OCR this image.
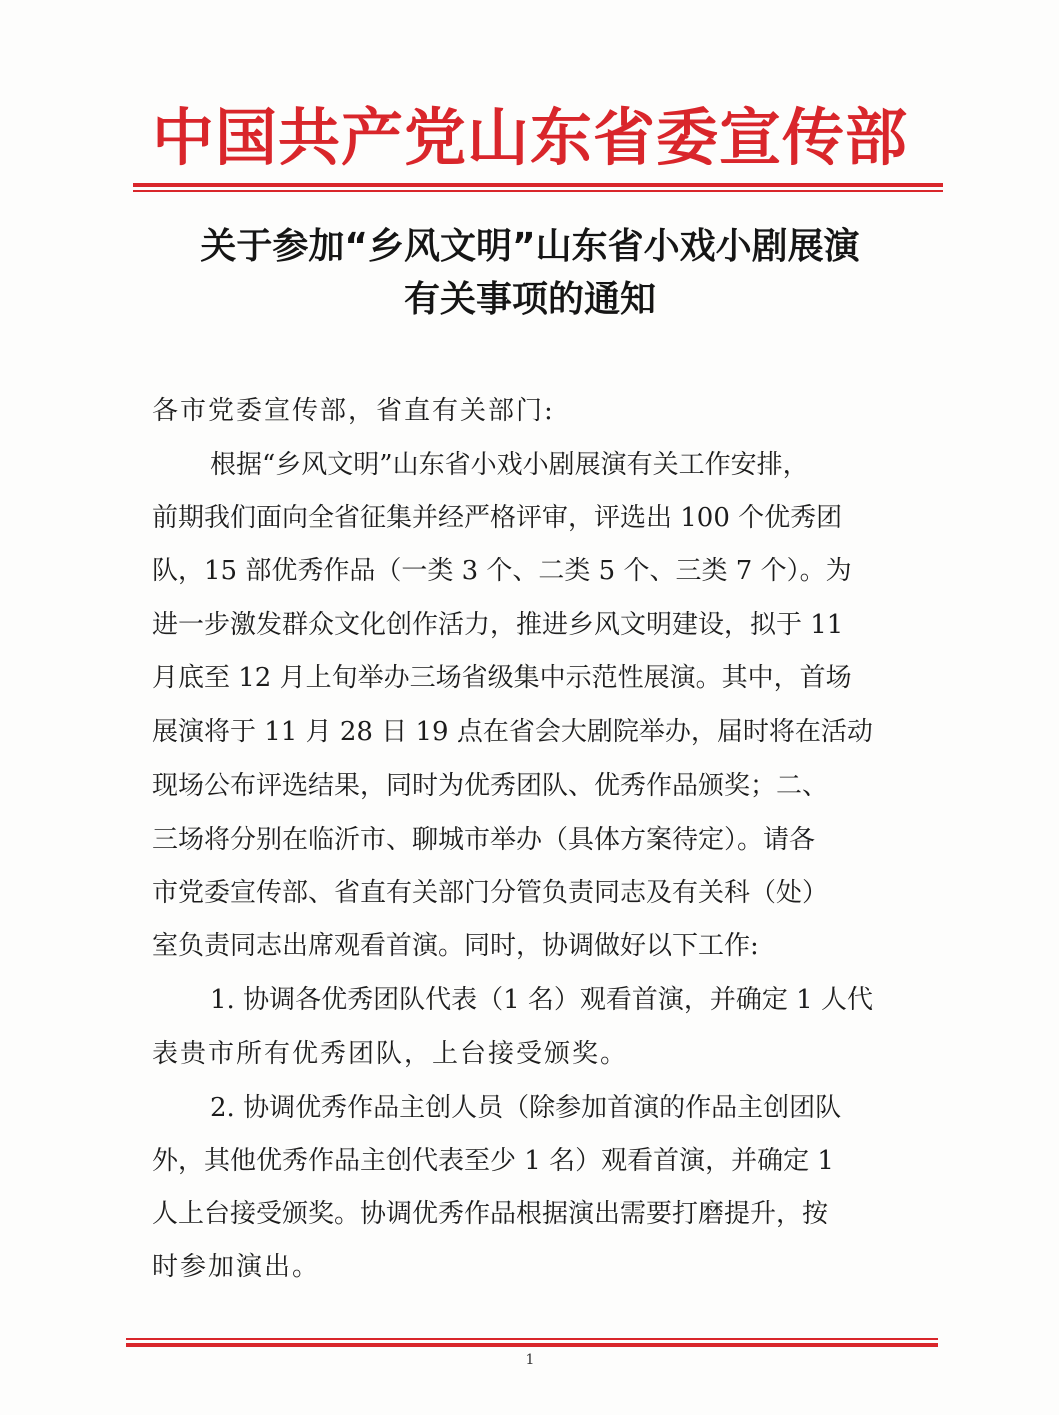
中国共产党山东省委宣传部
关于参加“乡风文明”山东省小戏小剧展演
有关事项的通知
各市党委宣传部，省直有关部门:
根据“乡风文明”山东省小戏小剧展演有关工作安排，
前期我们面向全省征集并经严格评审，评选出 100 个优秀团
队，15 部优秀作品（一类 3 个、二类 5 个、三类 7 个）。为
进一步激发群众文化创作活力，推进乡风文明建设，拟于 11
月底至 12 月上旬举办三场省级集中示范性展演。其中，首场
展演将于 11 月 28 日 19 点在省会大剧院举办，届时将在活动
现场公布评选结果，同时为优秀团队、优秀作品颁奖；二、
三场将分别在临沂市、聊城市举办（具体方案待定）。请各
市党委宣传部、省直有关部门分管负责同志及有关科（处）
室负责同志出席观看首演。同时，协调做好以下工作:
1. 协调各优秀团队代表（1 名）观看首演，并确定 1 人代
表贵市所有优秀团队，上台接受颁奖。
2. 协调优秀作品主创人员（除参加首演的作品主创团队
外，其他优秀作品主创代表至少 1 名）观看首演，并确定 1
人上台接受颁奖。协调优秀作品根据演出需要打磨提升，按
时参加演出。
1
